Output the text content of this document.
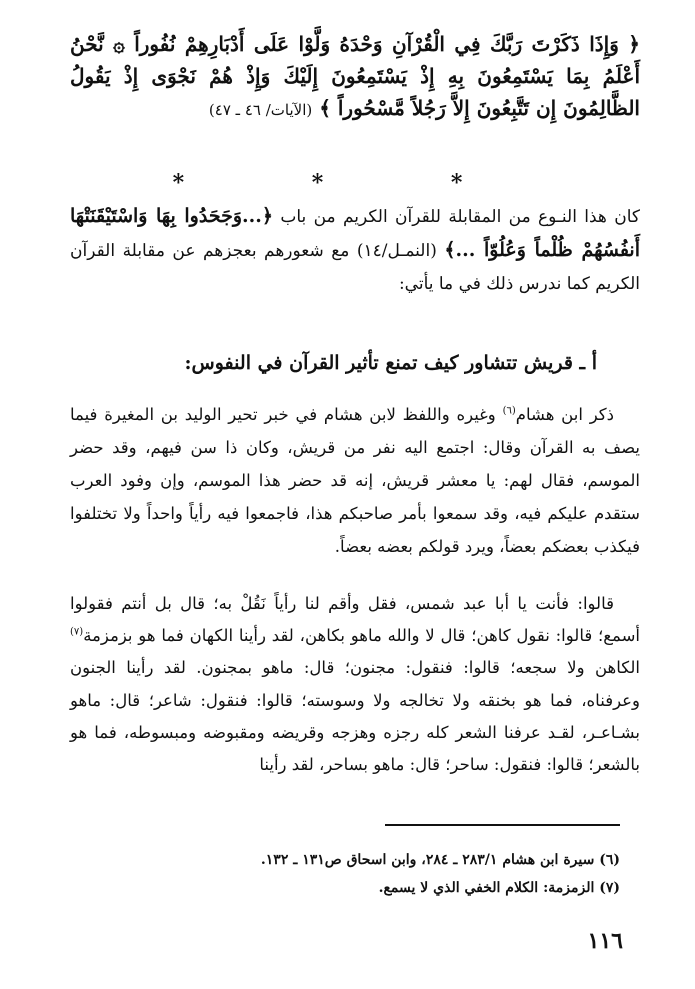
﴿ وَإِذَا ذَكَرْتَ رَبَّكَ فِي الْقُرْآنِ وَحْدَهُ وَلَّوْا عَلَى أَدْبَارِهِمْ نُفُوراً ۞ نَّحْنُ أَعْلَمُ بِمَا يَسْتَمِعُونَ بِهِ إِذْ يَسْتَمِعُونَ إِلَيْكَ وَإِذْ هُمْ نَجْوَى إِذْ يَقُولُ الظَّالِمُونَ إِن تَتَّبِعُونَ إِلاَّ رَجُلاً مَّسْحُوراً ﴾ (الآيات/ ٤٦ ـ ٤٧)
* * *
كان هذا النـوع من المقابلة للقرآن الكريم من باب ﴿...وَجَحَدُوا بِهَا وَاسْتَيْقَنَتْهَا أَنفُسُهُمْ ظُلْماً وَعُلُوّاً ...﴾ (النمـل/١٤) مع شعورهم بعجزهم عن مقابلة القرآن الكريم كما ندرس ذلك في ما يأتي:
أ ـ قريش تتشاور كيف تمنع تأثير القرآن في النفوس:
ذكر ابن هشام$^{(٦)}$ وغيره واللفظ لابن هشام في خبر تحير الوليد بن المغيرة فيما يصف به القرآن وقال: اجتمع اليه نفر من قريش، وكان ذا سن فيهم، وقد حضر الموسم، فقال لهم: يا معشر قريش، إنه قد حضر هذا الموسم، وإن وفود العرب ستقدم عليكم فيه، وقد سمعوا بأمر صاحبكم هذا، فاجمعوا فيه رأياً واحداً ولا تختلفوا فيكذب بعضكم بعضاً، ويرد قولكم بعضه بعضاً.
قالوا: فأنت يا أبا عبد شمس، فقل وأقم لنا رأياً نَقُلْ به؛ قال بل أنتم فقولوا أسمع؛ قالوا: نقول كاهن؛ قال لا والله ماهو بكاهن، لقد رأينا الكهان فما هو بزمزمة$^{(٧)}$ الكاهن ولا سجعه؛ قالوا: فنقول: مجنون؛ قال: ماهو بمجنون. لقد رأينا الجنون وعرفناه، فما هو بخنقه ولا تخالجه ولا وسوسته؛ قالوا: فنقول: شاعر؛ قال: ماهو بشـاعـر، لقـد عرفنا الشعر كله رجزه وهزجه وقريضه ومقبوضه ومبسوطه، فما هو بالشعر؛ قالوا: فنقول: ساحر؛ قال: ماهو بساحر، لقد رأينا
(٦) سيرة ابن هشام ٢٨٣/١ ـ ٢٨٤، وابن اسحاق ص١٣١ ـ ١٣٢.
(٧) الزمزمة: الكلام الخفي الذي لا يسمع.
١١٦
